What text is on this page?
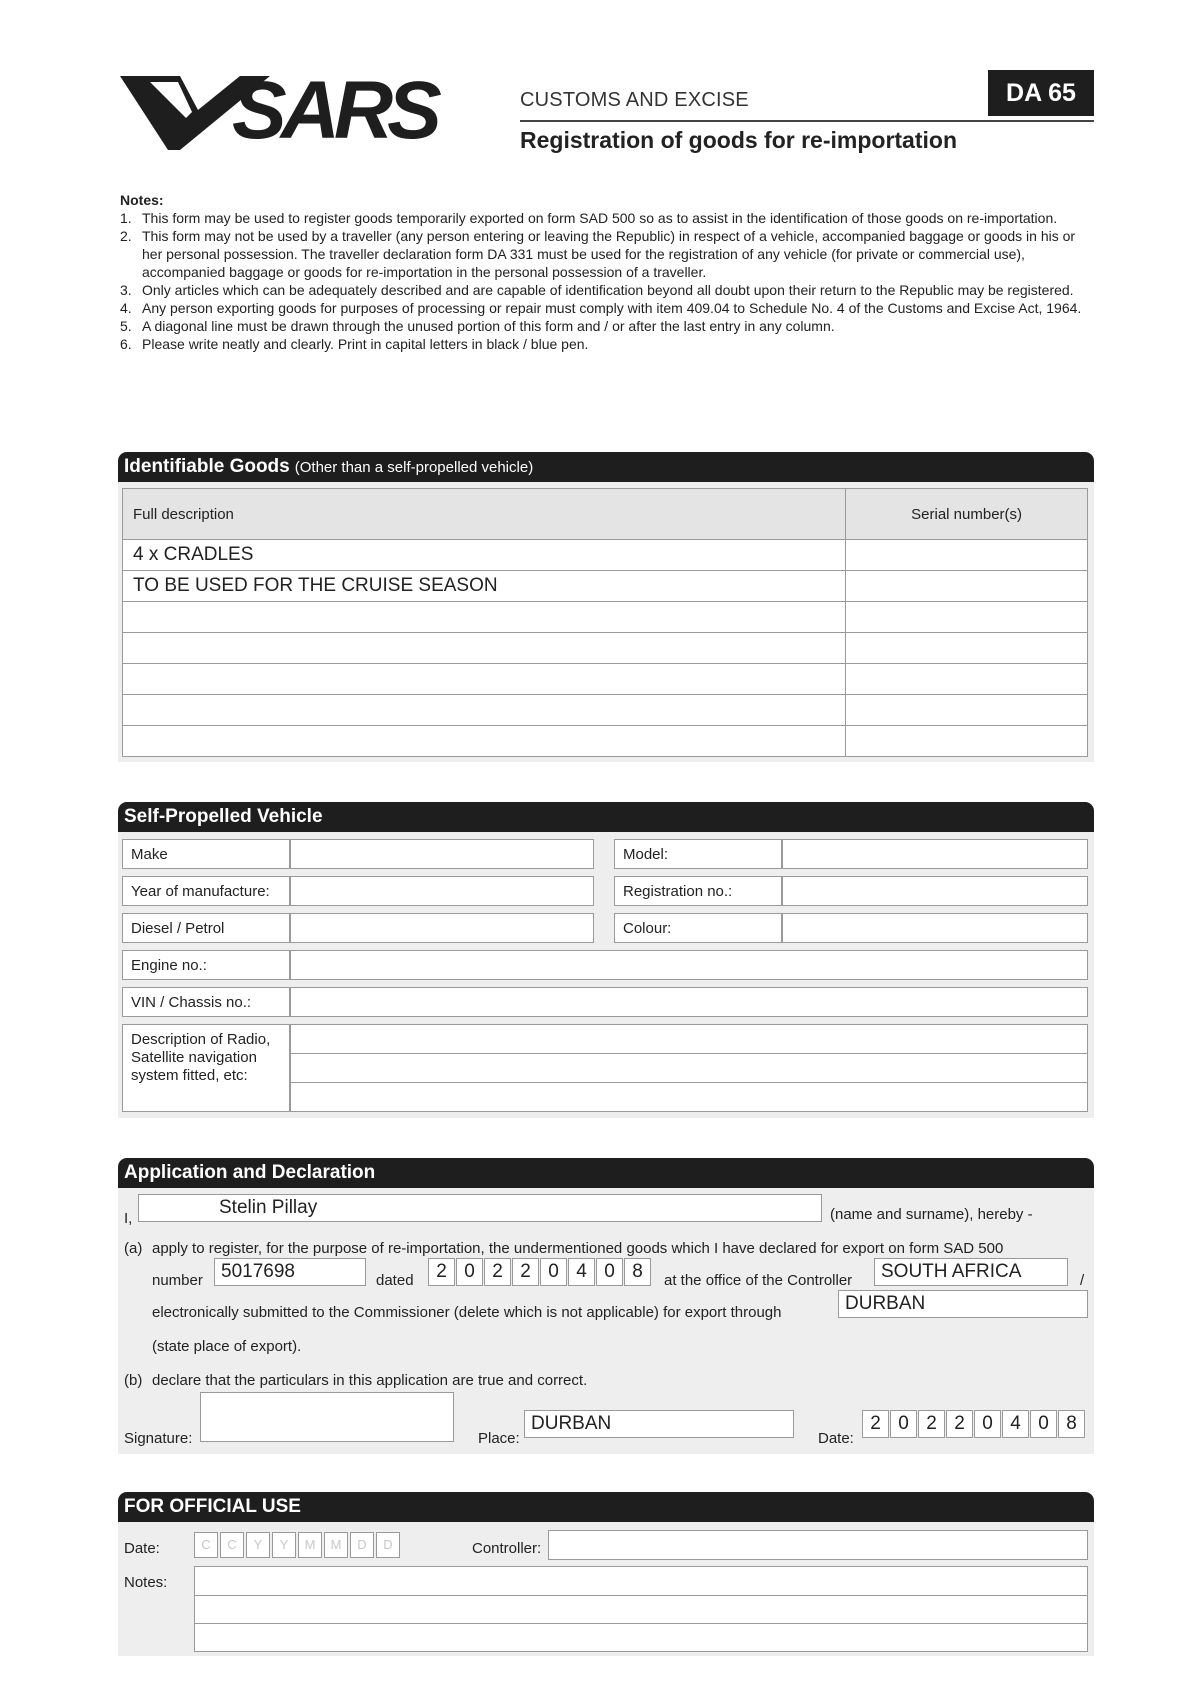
SARS	CUSTOMS AND EXCISE
Registration of goods for re-importation
DA 65
Notes:
1. This form may be used to register goods temporarily exported on form SAD 500 so as to assist in the identification of those goods on re-importation.
2. This form may not be used by a traveller (any person entering or leaving the Republic) in respect of a vehicle, accompanied baggage or goods in his or her personal possession. The traveller declaration form DA 331 must be used for the registration of any vehicle (for private or commercial use), accompanied baggage or goods for re-importation in the personal possession of a traveller.
3. Only articles which can be adequately described and are capable of identification beyond all doubt upon their return to the Republic may be registered.
4. Any person exporting goods for purposes of processing or repair must comply with item 409.04 to Schedule No. 4 of the Customs and Excise Act, 1964.
5. A diagonal line must be drawn through the unused portion of this form and / or after the last entry in any column.
6. Please write neatly and clearly. Print in capital letters in black / blue pen.
Identifiable Goods (Other than a self-propelled vehicle)
Full description	Serial number(s)
4 x CRADLES	
TO BE USED FOR THE CRUISE SEASON	

Self-Propelled Vehicle
Make	Model:
Year of manufacture:	Registration no.:
Diesel / Petrol	Colour:
Engine no.:
VIN / Chassis no.:
Description of Radio, Satellite navigation system fitted, etc:
Application and Declaration
I,
Stelin Pillay	(name and surname), hereby -
(a) apply to register, for the purpose of re-importation, the undermentioned goods which I have declared for export on form SAD 500
number 5017698	dated	2 0 2 2 0 4 0 8	at the office of the Controller SOUTH AFRICA	/
electronically submitted to the Commissioner (delete which is not applicable) for export through	DURBAN
(state place of export).
(b) declare that the particulars in this application are true and correct.
Signature:	Place:
DURBAN
Date:
2 0 2 2 0 4 0 8
FOR OFFICIAL USE
Date:	C	C	Y	Y	M	M	D	D	Controller:
Notes:
